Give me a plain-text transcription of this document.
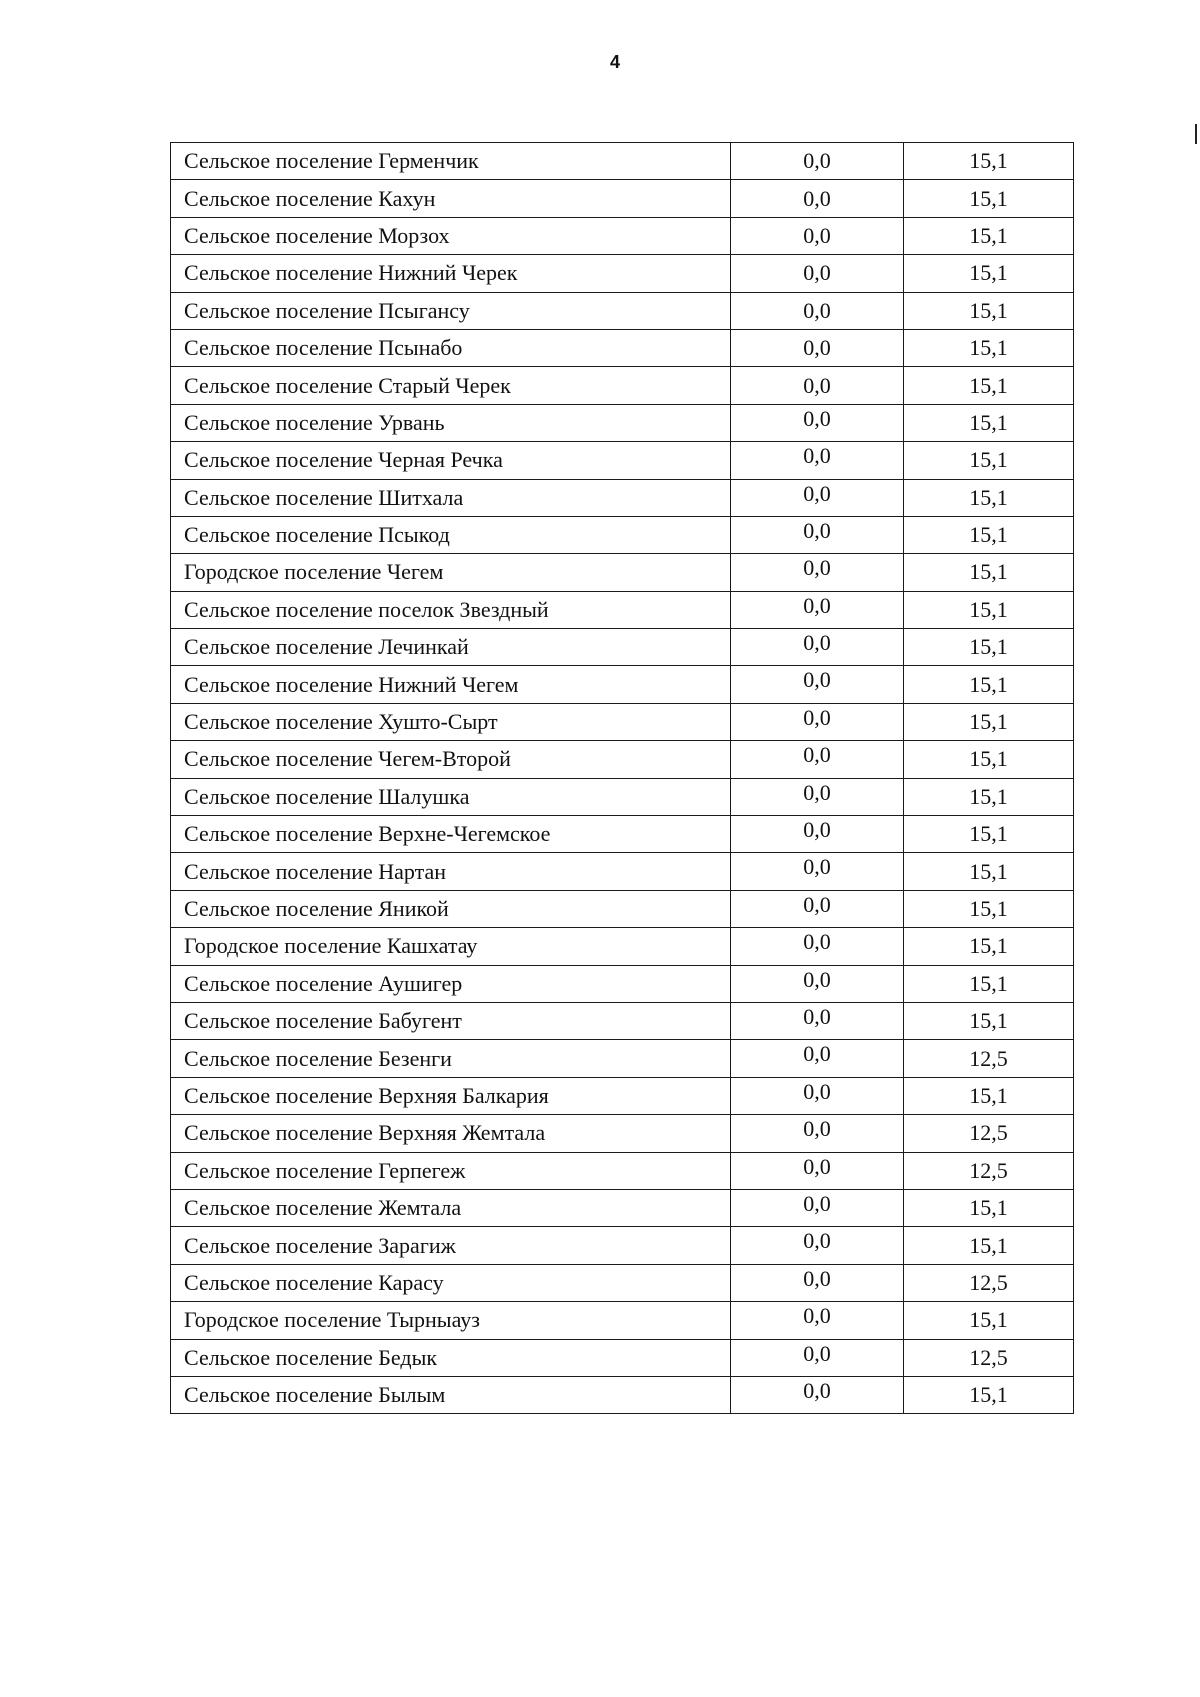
4
Сельское поселение Герменчик	0,0	15,1
Сельское поселение Кахун	0,0	15,1
Сельское поселение Морзох	0,0	15,1
Сельское поселение Нижний Черек	0,0	15,1
Сельское поселение Псыгансу	0,0	15,1
Сельское поселение Псынабо	0,0	15,1
Сельское поселение Старый Черек	0,0	15,1
Сельское поселение Урвань	0,0	15,1
Сельское поселение Черная Речка	0,0	15,1
Сельское поселение Шитхала	0,0	15,1
Сельское поселение Псыкод	0,0	15,1
Городское поселение Чегем	0,0	15,1
Сельское поселение поселок Звездный	0,0	15,1
Сельское поселение Лечинкай	0,0	15,1
Сельское поселение Нижний Чегем	0,0	15,1
Сельское поселение Хушто-Сырт	0,0	15,1
Сельское поселение Чегем-Второй	0,0	15,1
Сельское поселение Шалушка	0,0	15,1
Сельское поселение Верхне-Чегемское	0,0	15,1
Сельское поселение Нартан	0,0	15,1
Сельское поселение Яникой	0,0	15,1
Городское поселение Кашхатау	0,0	15,1
Сельское поселение Аушигер	0,0	15,1
Сельское поселение Бабугент	0,0	15,1
Сельское поселение Безенги	0,0	12,5
Сельское поселение Верхняя Балкария	0,0	15,1
Сельское поселение Верхняя Жемтала	0,0	12,5
Сельское поселение Герпегеж	0,0	12,5
Сельское поселение Жемтала	0,0	15,1
Сельское поселение Зарагиж	0,0	15,1
Сельское поселение Карасу	0,0	12,5
Городское поселение Тырныауз	0,0	15,1
Сельское поселение Бедык	0,0	12,5
Сельское поселение Былым	0,0	15,1
